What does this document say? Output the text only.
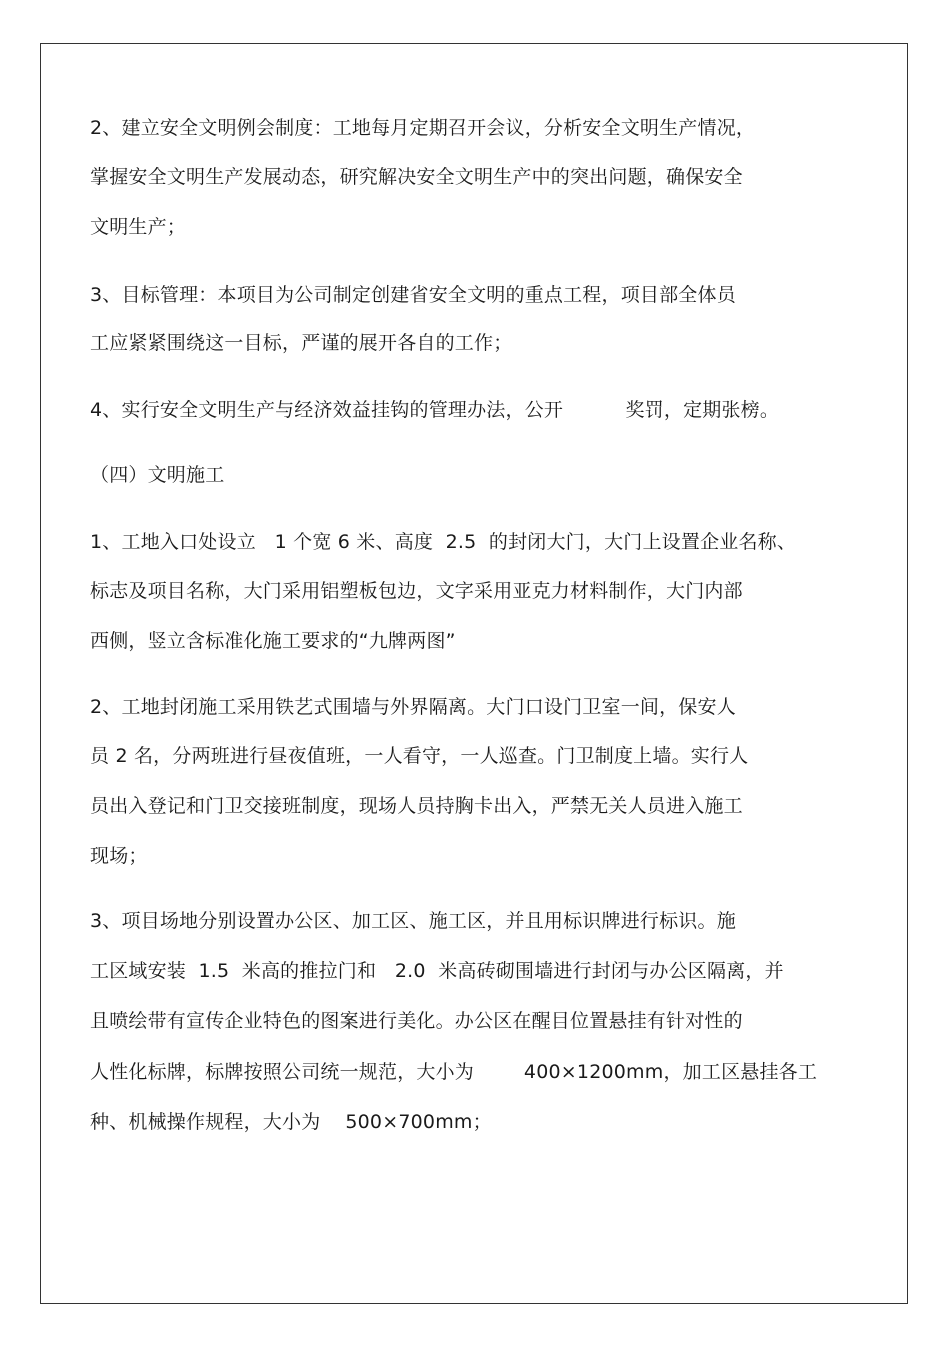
2、建立安全文明例会制度：工地每月定期召开会议，分析安全文明生产情况，
掌握安全文明生产发展动态，研究解决安全文明生产中的突出问题，确保安全
文明生产；
3、目标管理：本项目为公司制定创建省安全文明的重点工程，项目部全体员
工应紧紧围绕这一目标，严谨的展开各自的工作；
4、实行安全文明生产与经济效益挂钩的管理办法，公开          奖罚，定期张榜。
（四）文明施工
1、工地入口处设立   1 个宽 6 米、高度  2.5  的封闭大门，大门上设置企业名称、
标志及项目名称，大门采用铝塑板包边，文字采用亚克力材料制作，大门内部
西侧，竖立含标准化施工要求的“九牌两图”
2、工地封闭施工采用铁艺式围墙与外界隔离。大门口设门卫室一间，保安人
员 2 名，分两班进行昼夜值班，一人看守，一人巡查。门卫制度上墙。实行人
员出入登记和门卫交接班制度，现场人员持胸卡出入，严禁无关人员进入施工
现场；
3、项目场地分别设置办公区、加工区、施工区，并且用标识牌进行标识。施
工区域安装  1.5  米高的推拉门和   2.0  米高砖砌围墙进行封闭与办公区隔离，并
且喷绘带有宣传企业特色的图案进行美化。办公区在醒目位置悬挂有针对性的
人性化标牌，标牌按照公司统一规范，大小为        400×1200mm，加工区悬挂各工
种、机械操作规程，大小为    500×700mm；
